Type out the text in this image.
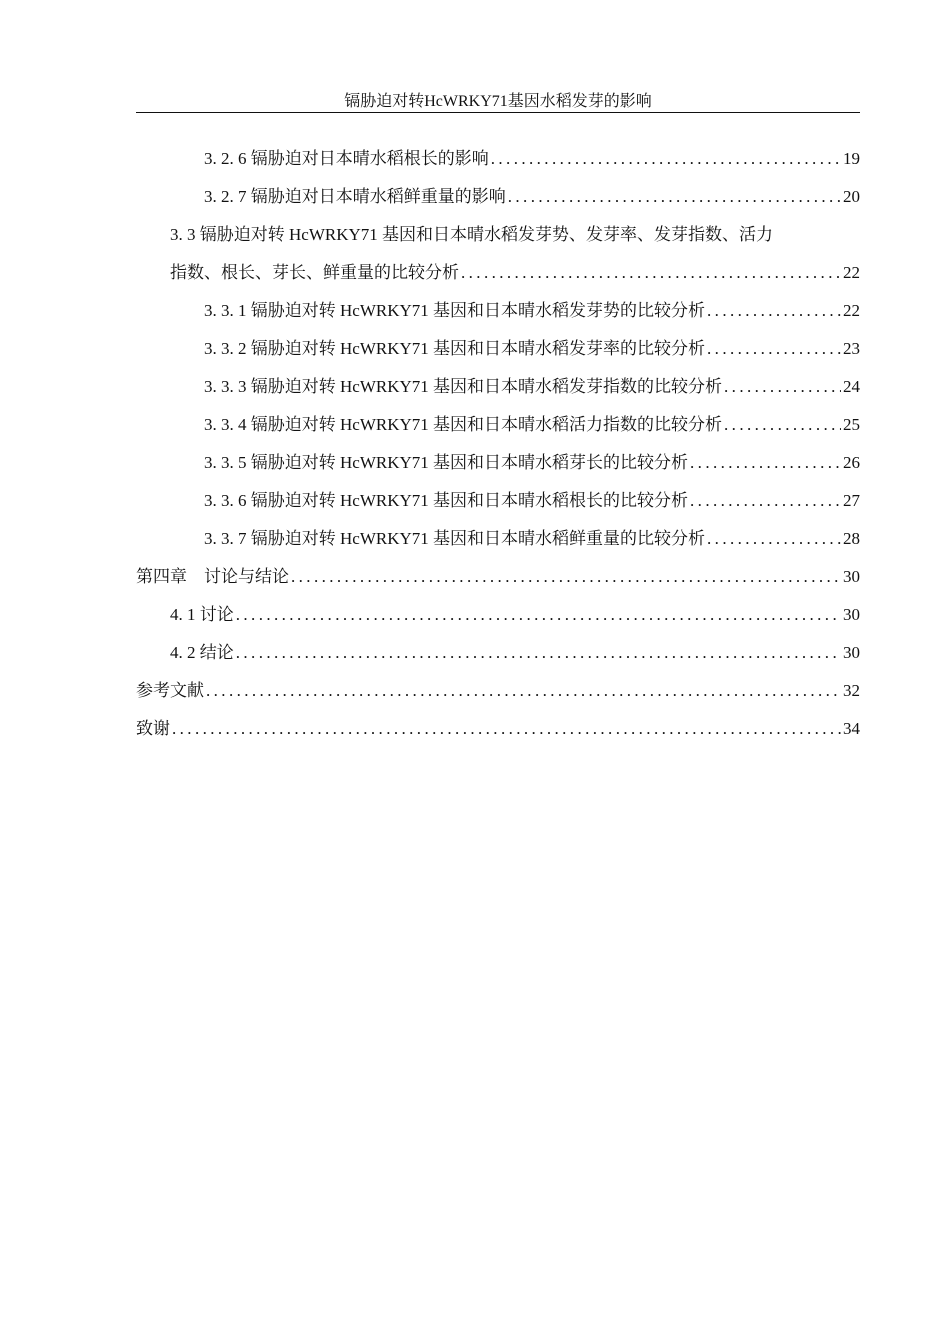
镉胁迫对转HcWRKY71基因水稻发芽的影响
3. 2. 6 镉胁迫对日本晴水稻根长的影响 .....	19
3. 2. 7 镉胁迫对日本晴水稻鲜重量的影响 .....	20
3. 3 镉胁迫对转 HcWRKY71 基因和日本晴水稻发芽势、发芽率、发芽指数、活力
指数、根长、芽长、鲜重量的比较分析 .....	22
3. 3. 1 镉胁迫对转 HcWRKY71 基因和日本晴水稻发芽势的比较分析 .....	22
3. 3. 2 镉胁迫对转 HcWRKY71 基因和日本晴水稻发芽率的比较分析 .....	23
3. 3. 3 镉胁迫对转 HcWRKY71 基因和日本晴水稻发芽指数的比较分析 .....	24
3. 3. 4 镉胁迫对转 HcWRKY71 基因和日本晴水稻活力指数的比较分析 .....	25
3. 3. 5 镉胁迫对转 HcWRKY71 基因和日本晴水稻芽长的比较分析 .....	26
3. 3. 6 镉胁迫对转 HcWRKY71 基因和日本晴水稻根长的比较分析 .....	27
3. 3. 7 镉胁迫对转 HcWRKY71 基因和日本晴水稻鲜重量的比较分析 .....	28
第四章　讨论与结论 .....	30
4. 1 讨论 .....	30
4. 2 结论 .....	30
参考文献 .....	32
致谢 .....	34
